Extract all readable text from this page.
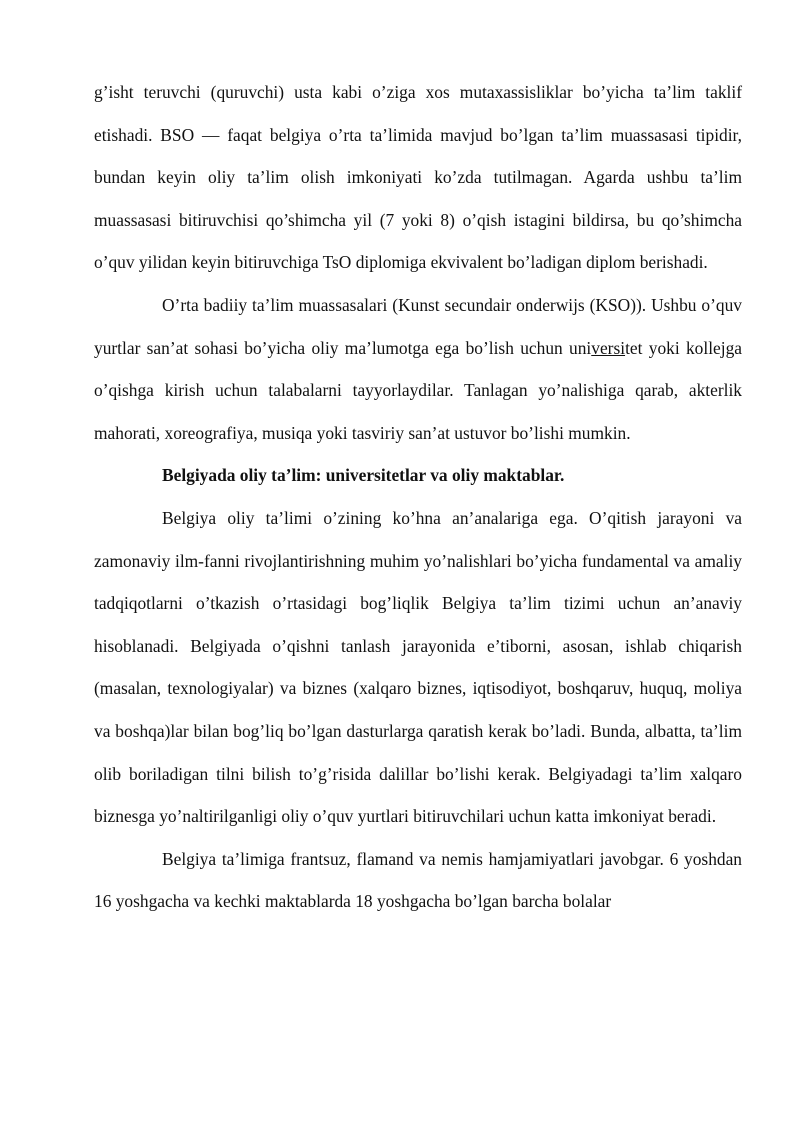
g’isht teruvchi (quruvchi) usta kabi o’ziga xos mutaxassisliklar bo’yicha ta’lim taklif etishadi. BSO — faqat belgiya o’rta ta’limida mavjud bo’lgan ta’lim muassasasi tipidir, bundan keyin oliy ta’lim olish imkoniyati ko’zda tutilmagan. Agarda ushbu ta’lim muassasasi bitiruvchisi qo’shimcha yil (7 yoki 8) o’qish istagini bildirsa, bu qo’shimcha o’quv yilidan keyin bitiruvchiga TsO diplomiga ekvivalent bo’ladigan diplom berishadi.

O’rta badiiy ta’lim muassasalari (Kunst secundair onderwijs (KSO)). Ushbu o’quv yurtlar san’at sohasi bo’yicha oliy ma’lumotga ega bo’lish uchun universitet yoki kollejga o’qishga kirish uchun talabalarni tayyorlaydilar. Tanlagan yo’nalishiga qarab, akterlik mahorati, xoreografiya, musiqa yoki tasviriy san’at ustuvor bo’lishi mumkin.

Belgiyada oliy ta’lim: universitetlar va oliy maktablar.

Belgiya oliy ta’limi o’zining ko’hna an’analariga ega. O’qitish jarayoni va zamonaviy ilm-fanni rivojlantirishning muhim yo’nalishlari bo’yicha fundamental va amaliy tadqiqotlarni o’tkazish o’rtasidagi bog’liqlik Belgiya ta’lim tizimi uchun an’anaviy hisoblanadi. Belgiyada o’qishni tanlash jarayonida e’tiborni, asosan, ishlab chiqarish (masalan, texnologiyalar) va biznes (xalqaro biznes, iqtisodiyot, boshqaruv, huquq, moliya va boshqa)lar bilan bog’liq bo’lgan dasturlarga qaratish kerak bo’ladi. Bunda, albatta, ta’lim olib boriladigan tilni bilish to’g’risida dalillar bo’lishi kerak. Belgiyadagi ta’lim xalqaro biznesga yo’naltirilganligi oliy o’quv yurtlari bitiruvchilari uchun katta imkoniyat beradi.

Belgiya ta’limiga frantsuz, flamand va nemis hamjamiyatlari javobgar. 6 yoshdan 16 yoshgacha va kechki maktablarda 18 yoshgacha bo’lgan barcha bolalar
